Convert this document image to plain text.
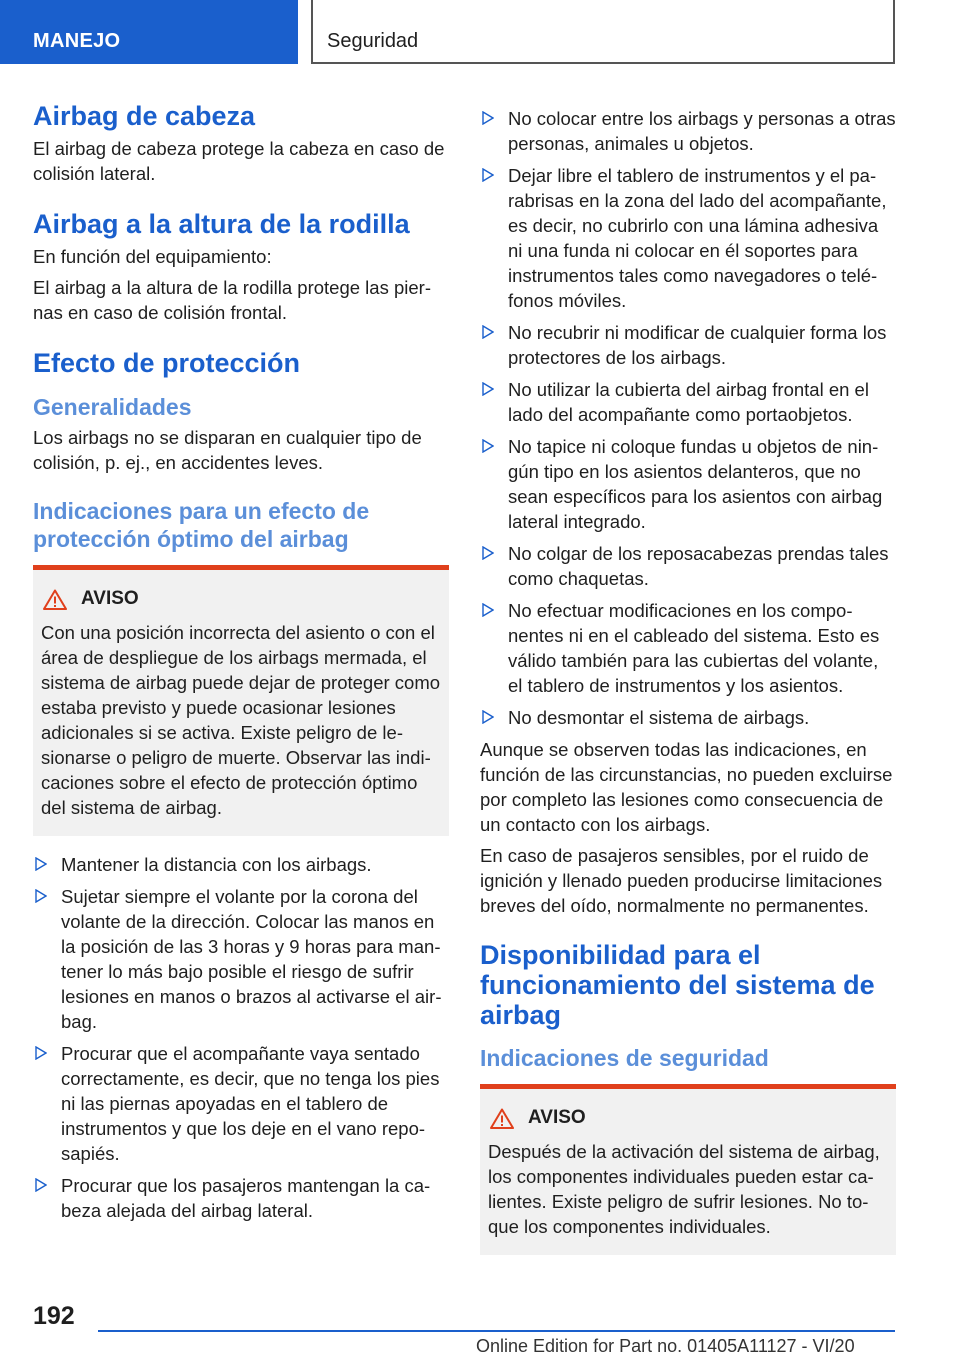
MANEJO	Seguridad
Airbag de cabeza

El airbag de cabeza protege la cabeza en caso de colisión lateral.

Airbag a la altura de la rodilla

En función del equipamiento:

El airbag a la altura de la rodilla protege las piernas en caso de colisión frontal.

Efecto de protección
Generalidades

Los airbags no se disparan en cualquier tipo de colisión, p. ej., en accidentes leves.

Indicaciones para un efecto de protección óptimo del airbag
AVISO

Con una posición incorrecta del asiento o con el área de despliegue de los airbags mermada, el sistema de airbag puede dejar de proteger como estaba previsto y puede ocasionar lesiones adicionales si se activa. Existe peligro de lesionarse o peligro de muerte. Observar las indicaciones sobre el efecto de protección óptimo del sistema de airbag.

Mantener la distancia con los airbags.
Sujetar siempre el volante por la corona del volante de la dirección. Colocar las manos en la posición de las 3 horas y 9 horas para mantener lo más bajo posible el riesgo de sufrir lesiones en manos o brazos al activarse el airbag.
Procurar que el acompañante vaya sentado correctamente, es decir, que no tenga los pies ni las piernas apoyadas en el tablero de instrumentos y que los deje en el vano reposapiés.
Procurar que los pasajeros mantengan la cabeza alejada del airbag lateral.
No colocar entre los airbags y personas a otras personas, animales u objetos.
Dejar libre el tablero de instrumentos y el parabrisas en la zona del lado del acompañante, es decir, no cubrirlo con una lámina adhesiva ni una funda ni colocar en él soportes para instrumentos tales como navegadores o teléfonos móviles.
No recubrir ni modificar de cualquier forma los protectores de los airbags.
No utilizar la cubierta del airbag frontal en el lado del acompañante como portaobjetos.
No tapice ni coloque fundas u objetos de ningún tipo en los asientos delanteros, que no sean específicos para los asientos con airbag lateral integrado.
No colgar de los reposacabezas prendas tales como chaquetas.
No efectuar modificaciones en los componentes ni en el cableado del sistema. Esto es válido también para las cubiertas del volante, el tablero de instrumentos y los asientos.
No desmontar el sistema de airbags.

Aunque se observen todas las indicaciones, en función de las circunstancias, no pueden excluirse por completo las lesiones como consecuencia de un contacto con los airbags.

En caso de pasajeros sensibles, por el ruido de ignición y llenado pueden producirse limitaciones breves del oído, normalmente no permanentes.

Disponibilidad para el funcionamiento del sistema de airbag
Indicaciones de seguridad
AVISO

Después de la activación del sistema de airbag, los componentes individuales pueden estar calientes. Existe peligro de sufrir lesiones. No toque los componentes individuales.

192
Online Edition for Part no. 01405A11127 - VI/20
